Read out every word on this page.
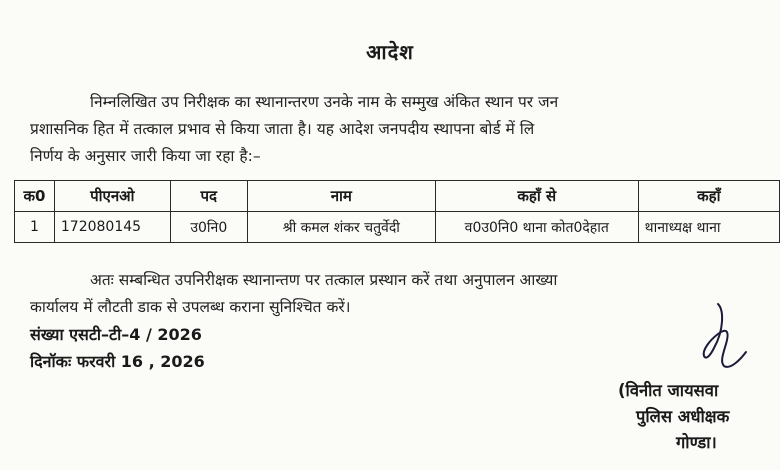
आदेश
निम्नलिखित उप निरीक्षक का स्थानान्तरण उनके नाम के सम्मुख अंकित स्थान पर जन
प्रशासनिक हित में तत्काल प्रभाव से किया जाता है। यह आदेश जनपदीय स्थापना बोर्ड में लि
निर्णय के अनुसार जारी किया जा रहा है:–
क0	पीएनओ	पद	नाम	कहाँ से	कहाँ
1	172080145	उ0नि0	श्री कमल शंकर चतुर्वेदी	व0उ0नि0 थाना कोत0देहात	थानाध्यक्ष थाना
अतः सम्बन्धित उपनिरीक्षक स्थानान्तण पर तत्काल प्रस्थान करें तथा अनुपालन आख्या
कार्यालय में लौटती डाक से उपलब्ध कराना सुनिश्चित करें।
संख्या एसटी–टी–4 / 2026
दिनॉकः फरवरी 16 , 2026
(विनीत जायसवा
पुलिस अधीक्षक
गोण्डा।
